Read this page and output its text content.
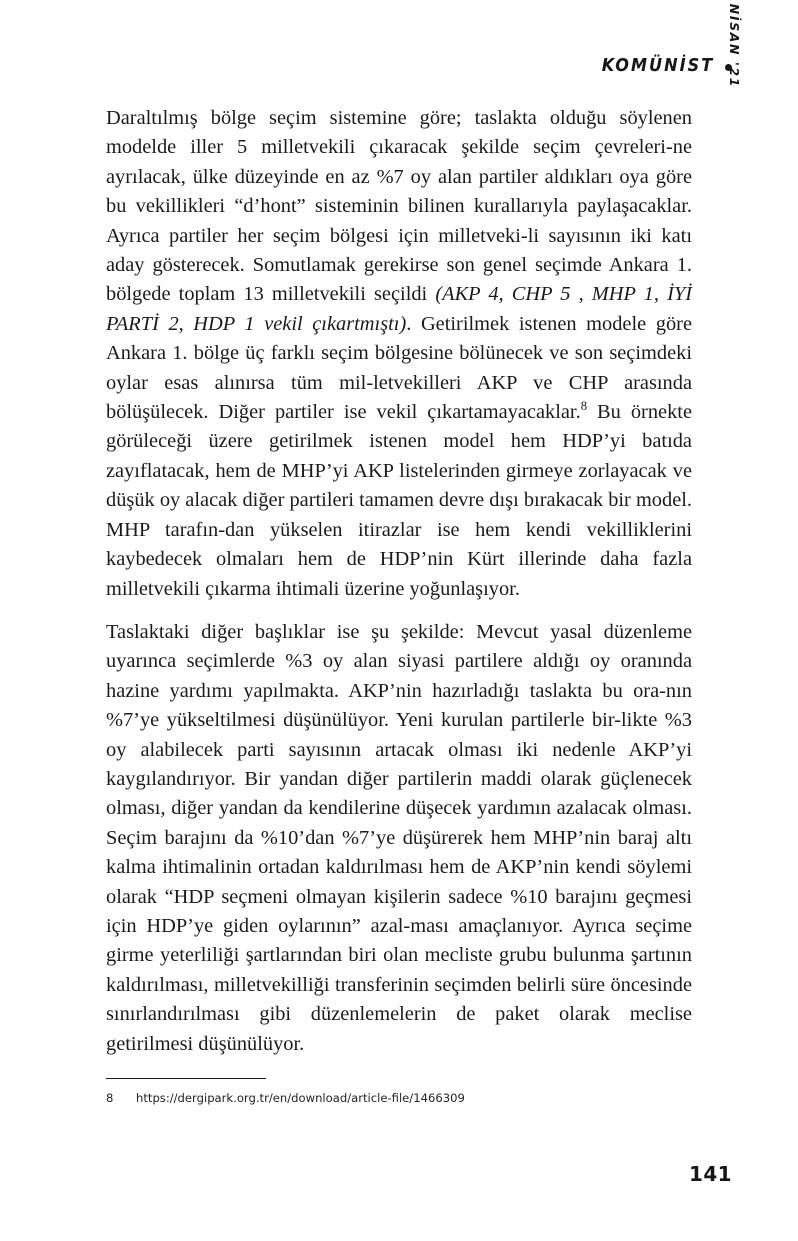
KOMÜNİST NİSAN '21

Daraltılmış bölge seçim sistemine göre; taslakta olduğu söylenen modelde iller 5 milletvekili çıkaracak şekilde seçim çevreleri-ne ayrılacak, ülke düzeyinde en az %7 oy alan partiler aldıkları oya göre bu vekillikleri “d’hont” sisteminin bilinen kurallarıyla paylaşacaklar. Ayrıca partiler her seçim bölgesi için milletveki-li sayısının iki katı aday gösterecek. Somutlamak gerekirse son genel seçimde Ankara 1. bölgede toplam 13 milletvekili seçildi (AKP 4, CHP 5 , MHP 1, İYİ PARTİ 2, HDP 1 vekil çıkartmıştı). Getirilmek istenen modele göre Ankara 1. bölge üç farklı seçim bölgesine bölünecek ve son seçimdeki oylar esas alınırsa tüm mil-letvekilleri AKP ve CHP arasında bölüşülecek. Diğer partiler ise vekil çıkartamayacaklar.$^8$ Bu örnekte görüleceği üzere getirilmek istenen model hem HDP’yi batıda zayıflatacak, hem de MHP’yi AKP listelerinden girmeye zorlayacak ve düşük oy alacak diğer partileri tamamen devre dışı bırakacak bir model. MHP tarafın-dan yükselen itirazlar ise hem kendi vekilliklerini kaybedecek olmaları hem de HDP’nin Kürt illerinde daha fazla milletvekili çıkarma ihtimali üzerine yoğunlaşıyor.

Taslaktaki diğer başlıklar ise şu şekilde: Mevcut yasal düzenleme uyarınca seçimlerde %3 oy alan siyasi partilere aldığı oy oranında hazine yardımı yapılmakta. AKP’nin hazırladığı taslakta bu ora-nın %7’ye yükseltilmesi düşünülüyor. Yeni kurulan partilerle bir-likte %3 oy alabilecek parti sayısının artacak olması iki nedenle AKP’yi kaygılandırıyor. Bir yandan diğer partilerin maddi olarak güçlenecek olması, diğer yandan da kendilerine düşecek yardımın azalacak olması. Seçim barajını da %10’dan %7’ye düşürerek hem MHP’nin baraj altı kalma ihtimalinin ortadan kaldırılması hem de AKP’nin kendi söylemi olarak “HDP seçmeni olmayan kişilerin sadece %10 barajını geçmesi için HDP’ye giden oylarının” azal-ması amaçlanıyor. Ayrıca seçime girme yeterliliği şartlarından biri olan mecliste grubu bulunma şartının kaldırılması, milletvekilliği transferinin seçimden belirli süre öncesinde sınırlandırılması gibi düzenlemelerin de paket olarak meclise getirilmesi düşünülüyor.

8	https://dergipark.org.tr/en/download/article-file/1466309
141
